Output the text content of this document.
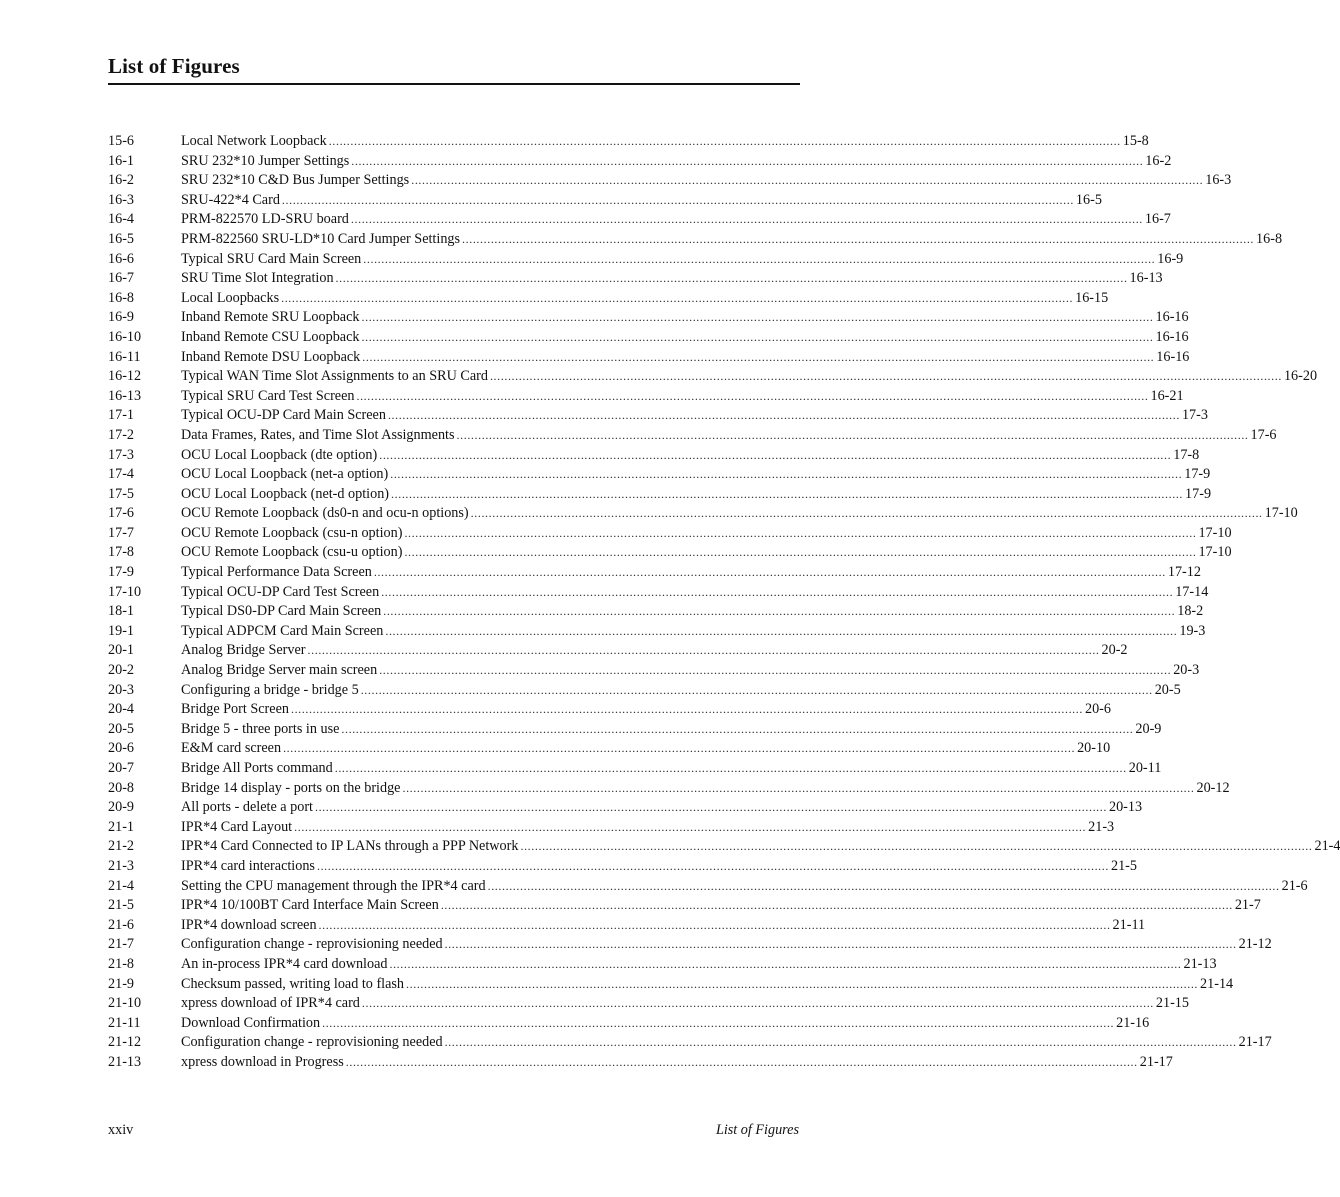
List of Figures
15-6	Local Network Loopback ............................................................................................................................................................................................................................ 15-8
16-1	SRU 232*10 Jumper Settings ............................................................................................................................................................................................................................ 16-2
16-2	SRU 232*10 C&D Bus Jumper Settings ............................................................................................................................................................................................................................ 16-3
16-3	SRU-422*4 Card ............................................................................................................................................................................................................................ 16-5
16-4	PRM-822570 LD-SRU board ............................................................................................................................................................................................................................ 16-7
16-5	PRM-822560 SRU-LD*10 Card Jumper Settings ............................................................................................................................................................................................................................ 16-8
16-6	Typical SRU Card Main Screen ............................................................................................................................................................................................................................ 16-9
16-7	SRU Time Slot Integration ............................................................................................................................................................................................................................ 16-13
16-8	Local Loopbacks ............................................................................................................................................................................................................................ 16-15
16-9	Inband Remote SRU Loopback ............................................................................................................................................................................................................................ 16-16
16-10	Inband Remote CSU Loopback ............................................................................................................................................................................................................................ 16-16
16-11	Inband Remote DSU Loopback ............................................................................................................................................................................................................................ 16-16
16-12	Typical WAN Time Slot Assignments to an SRU Card ............................................................................................................................................................................................................................ 16-20
16-13	Typical SRU Card Test Screen ............................................................................................................................................................................................................................ 16-21
17-1	Typical OCU-DP Card Main Screen ............................................................................................................................................................................................................................ 17-3
17-2	Data Frames, Rates, and Time Slot Assignments ............................................................................................................................................................................................................................ 17-6
17-3	OCU Local Loopback (dte option) ............................................................................................................................................................................................................................ 17-8
17-4	OCU Local Loopback (net-a option) ............................................................................................................................................................................................................................ 17-9
17-5	OCU Local Loopback (net-d option) ............................................................................................................................................................................................................................ 17-9
17-6	OCU Remote Loopback (ds0-n and ocu-n options) ............................................................................................................................................................................................................................ 17-10
17-7	OCU Remote Loopback (csu-n option) ............................................................................................................................................................................................................................ 17-10
17-8	OCU Remote Loopback (csu-u option) ............................................................................................................................................................................................................................ 17-10
17-9	Typical Performance Data Screen ............................................................................................................................................................................................................................ 17-12
17-10	Typical OCU-DP Card Test Screen ............................................................................................................................................................................................................................ 17-14
18-1	Typical DS0-DP Card Main Screen ............................................................................................................................................................................................................................ 18-2
19-1	Typical ADPCM Card Main Screen ............................................................................................................................................................................................................................ 19-3
20-1	Analog Bridge Server ............................................................................................................................................................................................................................ 20-2
20-2	Analog Bridge Server main screen ............................................................................................................................................................................................................................ 20-3
20-3	Configuring a bridge - bridge 5 ............................................................................................................................................................................................................................ 20-5
20-4	Bridge Port Screen ............................................................................................................................................................................................................................ 20-6
20-5	Bridge 5 - three ports in use ............................................................................................................................................................................................................................ 20-9
20-6	E&M card screen ............................................................................................................................................................................................................................ 20-10
20-7	Bridge All Ports command ............................................................................................................................................................................................................................ 20-11
20-8	Bridge 14 display - ports on the bridge ............................................................................................................................................................................................................................ 20-12
20-9	All ports - delete a port ............................................................................................................................................................................................................................ 20-13
21-1	IPR*4 Card Layout ............................................................................................................................................................................................................................ 21-3
21-2	IPR*4 Card Connected to IP LANs through a PPP Network ............................................................................................................................................................................................................................ 21-4
21-3	IPR*4 card interactions ............................................................................................................................................................................................................................ 21-5
21-4	Setting the CPU management through the IPR*4 card ............................................................................................................................................................................................................................ 21-6
21-5	IPR*4 10/100BT Card Interface Main Screen ............................................................................................................................................................................................................................ 21-7
21-6	IPR*4 download screen ............................................................................................................................................................................................................................ 21-11
21-7	Configuration change - reprovisioning needed ............................................................................................................................................................................................................................ 21-12
21-8	An in-process IPR*4 card download ............................................................................................................................................................................................................................ 21-13
21-9	Checksum passed, writing load to flash ............................................................................................................................................................................................................................ 21-14
21-10	xpress download of IPR*4 card ............................................................................................................................................................................................................................ 21-15
21-11	Download Confirmation ............................................................................................................................................................................................................................ 21-16
21-12	Configuration change - reprovisioning needed ............................................................................................................................................................................................................................ 21-17
21-13	xpress download in Progress ............................................................................................................................................................................................................................ 21-17
xxiv	List of Figures
